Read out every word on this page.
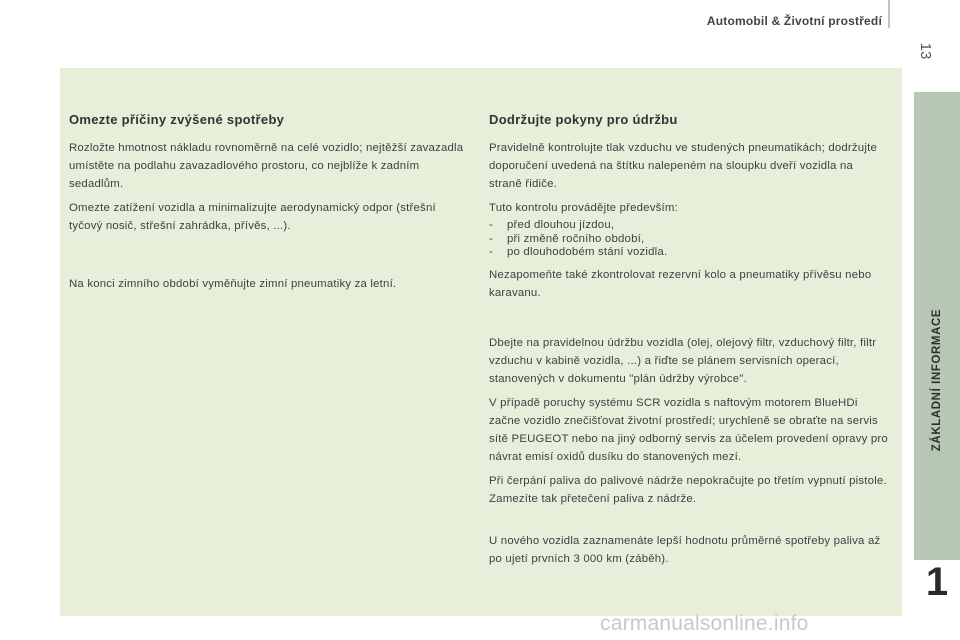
Automobil & Životní prostředí
13
Omezte příčiny zvýšené spotřeby

Rozložte hmotnost nákladu rovnoměrně na celé vozidlo; nejtěžší zavazadla umístěte na podlahu zavazadlového prostoru, co nejblíže k zadním sedadlům.

Omezte zatížení vozidla a minimalizujte aerodynamický odpor (střešní tyčový nosič, střešní zahrádka, přívěs, ...).

Na konci zimního období vyměňujte zimní pneumatiky za letní.

Dodržujte pokyny pro údržbu

Pravidelně kontrolujte tlak vzduchu ve studených pneumatikách; dodržujte doporučení uvedená na štítku nalepeném na sloupku dveří vozidla na straně řidiče.

Tuto kontrolu provádějte především:

- před dlouhou jízdou,
- při změně ročního období,
- po dlouhodobém stání vozidla.

Nezapomeňte také zkontrolovat rezervní kolo a pneumatiky přívěsu nebo karavanu.

Dbejte na pravidelnou údržbu vozidla (olej, olejový filtr, vzduchový filtr, filtr vzduchu v kabině vozidla, ...) a řiďte se plánem servisních operací, stanovených v dokumentu "plán údržby výrobce".

V případě poruchy systému SCR vozidla s naftovým motorem BlueHDi začne vozidlo znečišťovat životní prostředí; urychleně se obraťte na servis sítě PEUGEOT nebo na jiný odborný servis za účelem provedení opravy pro návrat emisí oxidů dusíku do stanovených mezí.

Při čerpání paliva do palivové nádrže nepokračujte po třetím vypnutí pistole. Zamezíte tak přetečení paliva z nádrže.

U nového vozidla zaznamenáte lepší hodnotu průměrné spotřeby paliva až po ujetí prvních 3 000 km (záběh).

ZÁKLADNÍ INFORMACE
1
carmanualsonline.info
